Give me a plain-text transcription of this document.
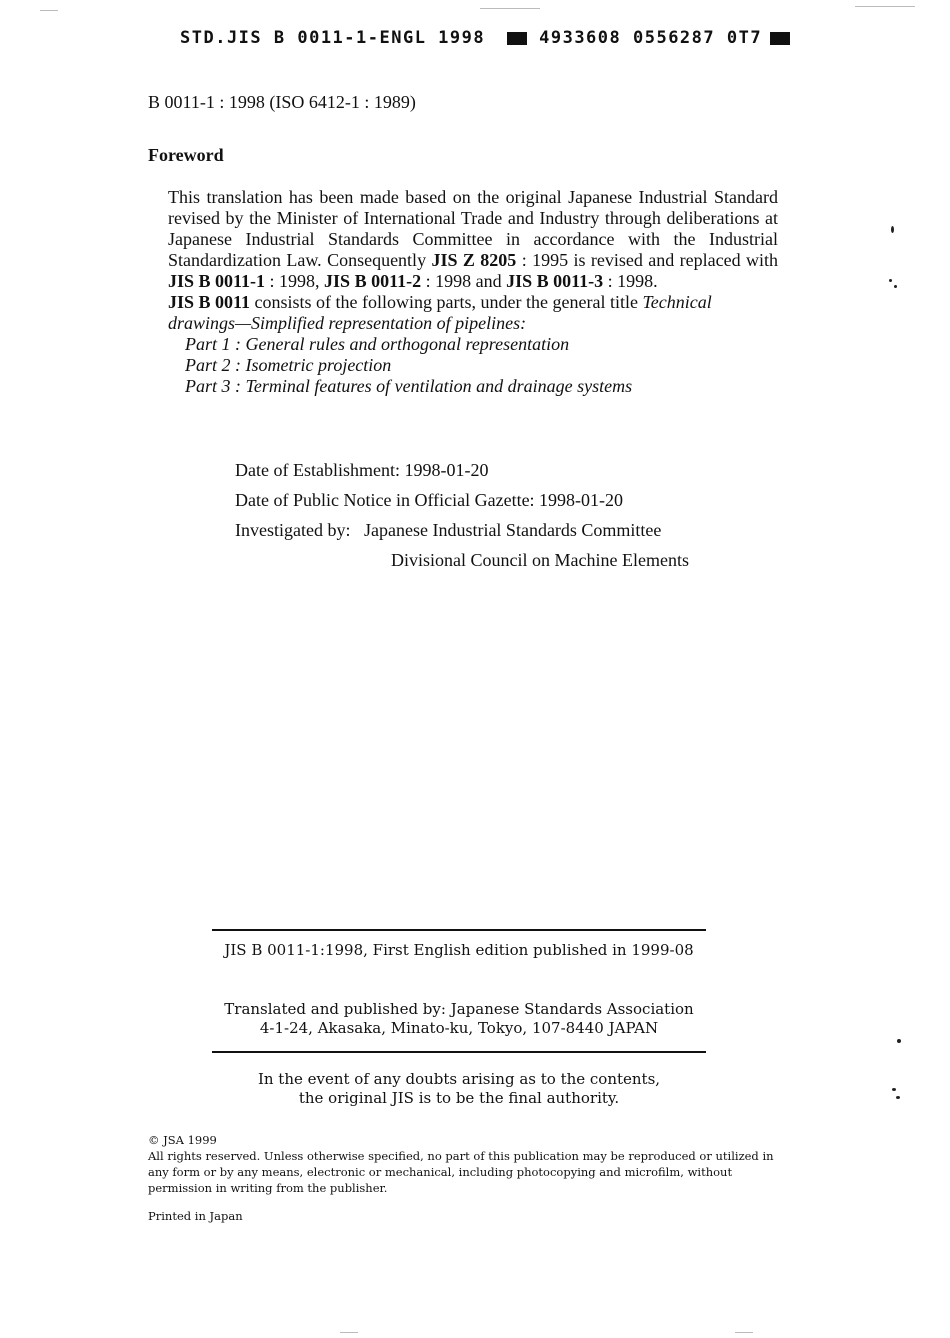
STD.JIS B 0011-1-ENGL 1998	4933608 0556287 0T7
B 0011-1 : 1998 (ISO 6412-1 : 1989)
Foreword

This translation has been made based on the original Japanese Industrial Standard revised by the Minister of International Trade and Industry through deliberations at Japanese Industrial Standards Committee in accordance with the Industrial Standardization Law. Consequently JIS Z 8205 : 1995 is revised and replaced with JIS B 0011-1 : 1998, JIS B 0011-2 : 1998 and JIS B 0011-3 : 1998.

JIS B 0011 consists of the following parts, under the general title Technical drawings—Simplified representation of pipelines:

Part 1 : General rules and orthogonal representation
Part 2 : Isometric projection
Part 3 : Terminal features of ventilation and drainage systems
Date of Establishment: 1998-01-20
Date of Public Notice in Official Gazette: 1998-01-20
Investigated by: Japanese Industrial Standards Committee
Divisional Council on Machine Elements
JIS B 0011-1:1998, First English edition published in 1999-08
Translated and published by: Japanese Standards Association
4-1-24, Akasaka, Minato-ku, Tokyo, 107-8440 JAPAN
In the event of any doubts arising as to the contents,
the original JIS is to be the final authority.

© JSA 1999

All rights reserved. Unless otherwise specified, no part of this publication may be reproduced or utilized in any form or by any means, electronic or mechanical, including photocopying and microfilm, without permission in writing from the publisher.

Printed in Japan
